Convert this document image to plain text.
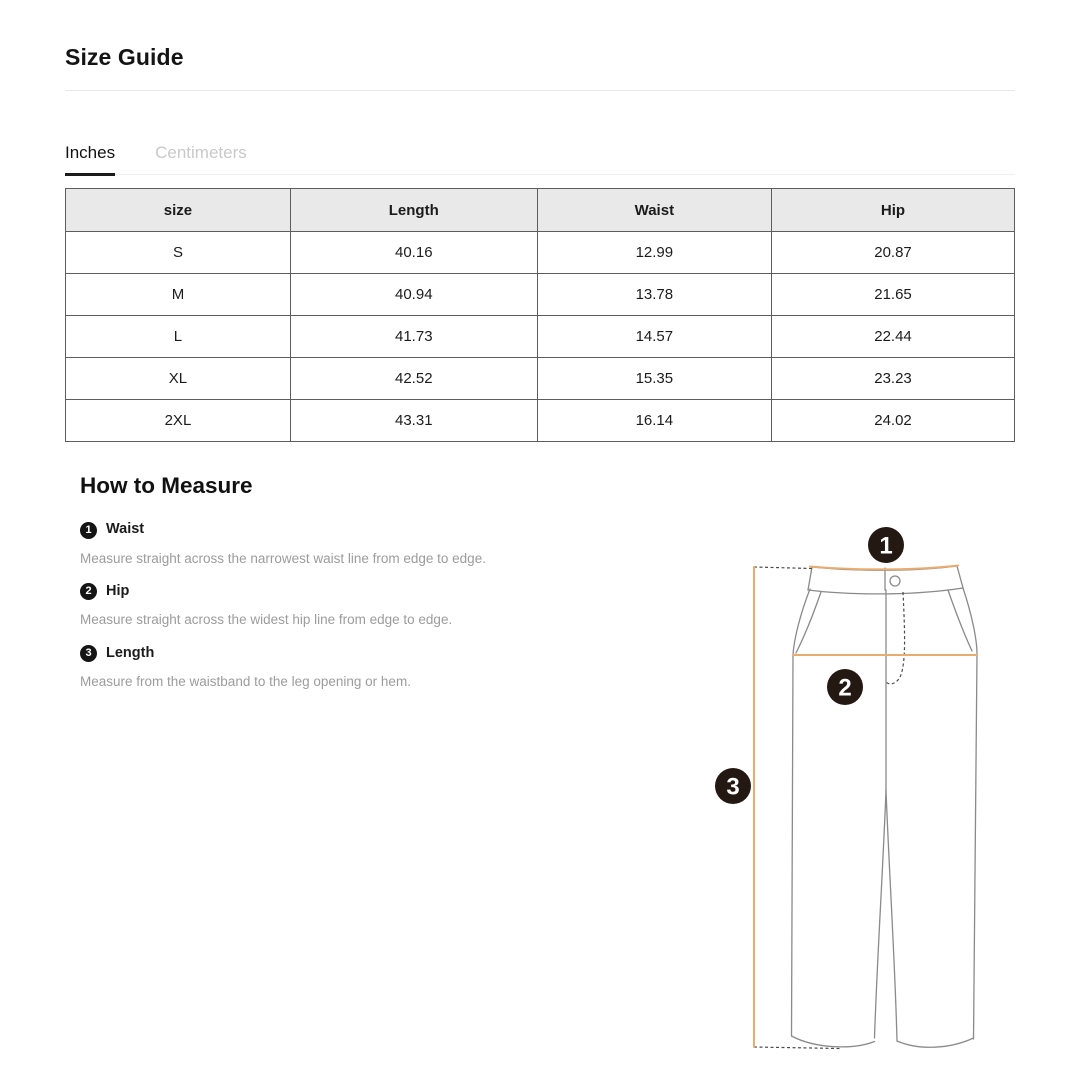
Size Guide
Inches Centimeters
size	Length	Waist	Hip
S	40.16	12.99	20.87
M	40.94	13.78	21.65
L	41.73	14.57	22.44
XL	42.52	15.35	23.23
2XL	43.31	16.14	24.02
How to Measure
1 Waist

Measure straight across the narrowest waist line from edge to edge.

2 Hip

Measure straight across the widest hip line from edge to edge.

3 Length

Measure from the waistband to the leg opening or hem.

1
2
3
